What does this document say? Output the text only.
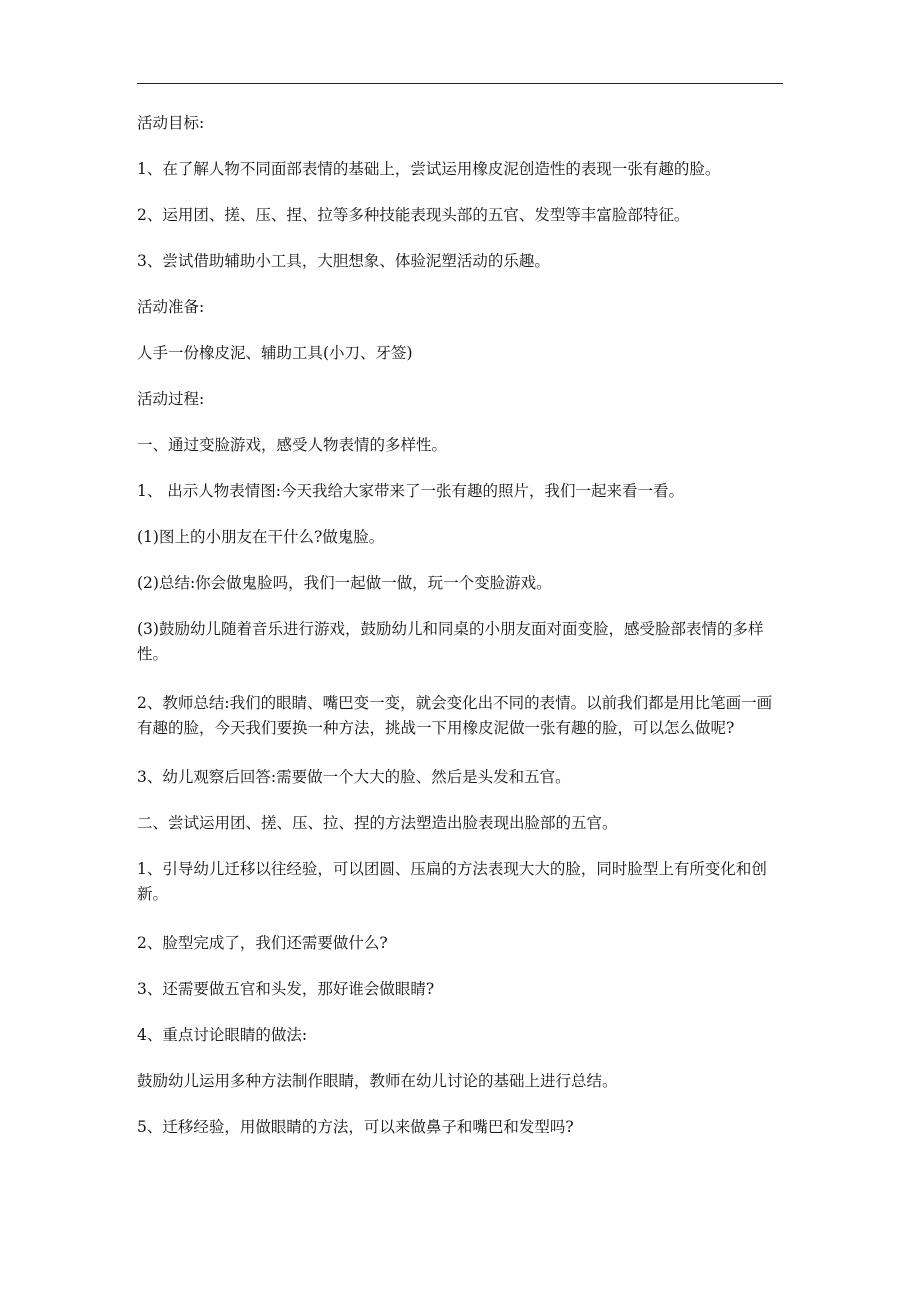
活动目标:

1、在了解人物不同面部表情的基础上，尝试运用橡皮泥创造性的表现一张有趣的脸。

2、运用团、搓、压、捏、拉等多种技能表现头部的五官、发型等丰富脸部特征。

3、尝试借助辅助小工具，大胆想象、体验泥塑活动的乐趣。

活动准备:

人手一份橡皮泥、辅助工具(小刀、牙签)

活动过程:

一、通过变脸游戏，感受人物表情的多样性。

1、 出示人物表情图:今天我给大家带来了一张有趣的照片，我们一起来看一看。

(1)图上的小朋友在干什么?做鬼脸。

(2)总结:你会做鬼脸吗，我们一起做一做，玩一个变脸游戏。

(3)鼓励幼儿随着音乐进行游戏，鼓励幼儿和同桌的小朋友面对面变脸，感受脸部表情的多样性。

2、教师总结:我们的眼睛、嘴巴变一变，就会变化出不同的表情。以前我们都是用比笔画一画有趣的脸，今天我们要换一种方法，挑战一下用橡皮泥做一张有趣的脸，可以怎么做呢?

3、幼儿观察后回答:需要做一个大大的脸、然后是头发和五官。

二、尝试运用团、搓、压、拉、捏的方法塑造出脸表现出脸部的五官。

1、引导幼儿迁移以往经验，可以团圆、压扁的方法表现大大的脸，同时脸型上有所变化和创新。

2、脸型完成了，我们还需要做什么?

3、还需要做五官和头发，那好谁会做眼睛?

4、重点讨论眼睛的做法:

鼓励幼儿运用多种方法制作眼睛，教师在幼儿讨论的基础上进行总结。

5、迁移经验，用做眼睛的方法，可以来做鼻子和嘴巴和发型吗?
